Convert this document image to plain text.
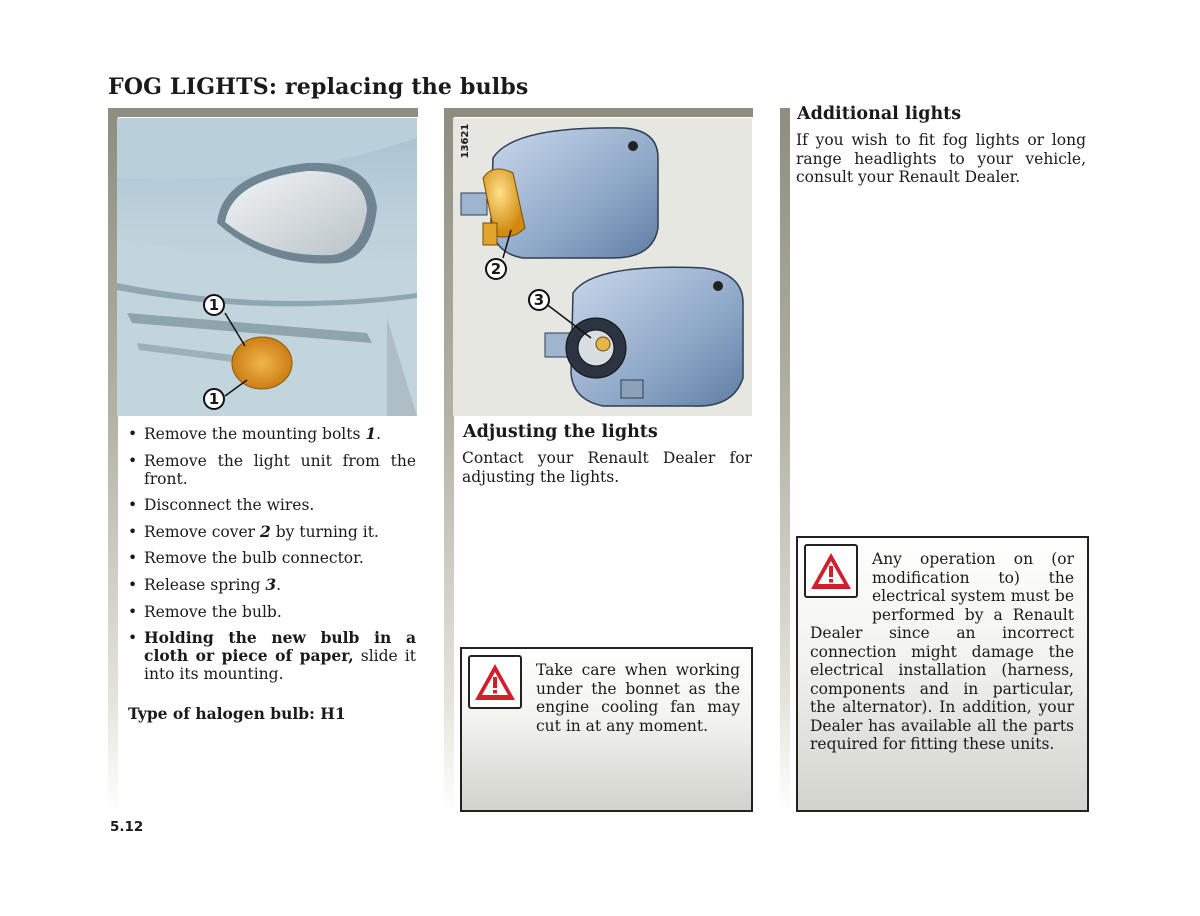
FOG LIGHTS: replacing the bulbs
1
1
13621
2
3
• Remove the mounting bolts 1.
• Remove the light unit from the front.
• Disconnect the wires.
• Remove cover 2 by turning it.
• Remove the bulb connector.
• Release spring 3.
• Remove the bulb.
• Holding the new bulb in a cloth or piece of paper, slide it into its mounting.
Type of halogen bulb: H1
Adjusting the lights
Contact your Renault Dealer for adjusting the lights.
Take care when working under the bonnet as the engine cooling fan may cut in at any moment.
Additional lights
If you wish to fit fog lights or long range headlights to your vehicle, consult your Renault Dealer.
Any operation on (or modification to) the electrical system must be performed by a Renault Dealer since an incorrect connection might damage the electrical installation (harness, components and in particular, the alternator). In addition, your Dealer has available all the parts required for fitting these units.
5.12
